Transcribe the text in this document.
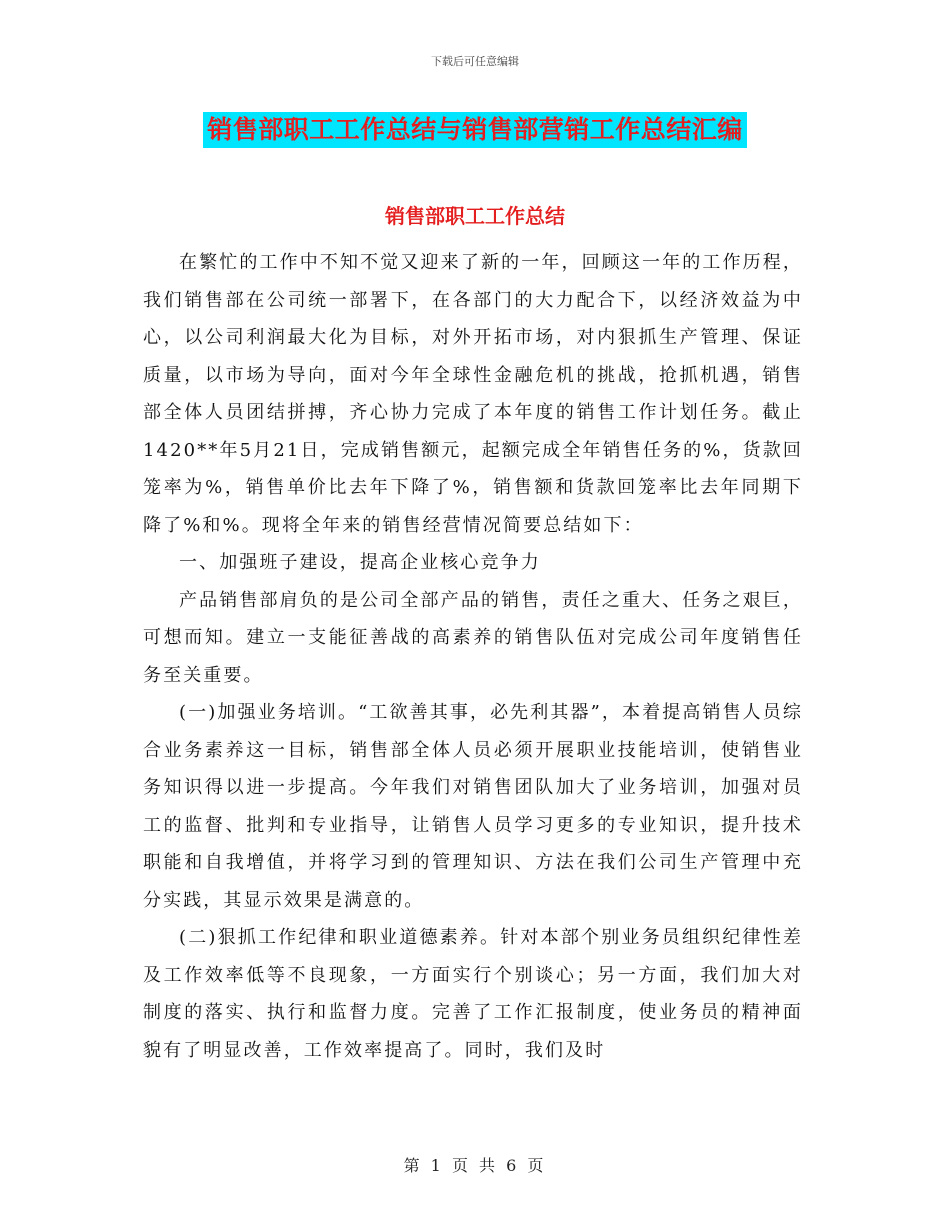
下载后可任意编辑
销售部职工工作总结与销售部营销工作总结汇编
销售部职工工作总结

在繁忙的工作中不知不觉又迎来了新的一年，回顾这一年的工作历程，我们销售部在公司统一部署下，在各部门的大力配合下，以经济效益为中心，以公司利润最大化为目标，对外开拓市场，对内狠抓生产管理、保证质量，以市场为导向，面对今年全球性金融危机的挑战，抢抓机遇，销售部全体人员团结拼搏，齐心协力完成了本年度的销售工作计划任务。截止1420**年5月21日，完成销售额元，起额完成全年销售任务的%，货款回笼率为%，销售单价比去年下降了%，销售额和货款回笼率比去年同期下降了%和%。现将全年来的销售经营情况简要总结如下：

一、加强班子建设，提高企业核心竞争力

产品销售部肩负的是公司全部产品的销售，责任之重大、任务之艰巨，可想而知。建立一支能征善战的高素养的销售队伍对完成公司年度销售任务至关重要。

(一)加强业务培训。“工欲善其事，必先利其器”，本着提高销售人员综合业务素养这一目标，销售部全体人员必须开展职业技能培训，使销售业务知识得以进一步提高。今年我们对销售团队加大了业务培训，加强对员工的监督、批判和专业指导，让销售人员学习更多的专业知识，提升技术职能和自我增值，并将学习到的管理知识、方法在我们公司生产管理中充分实践，其显示效果是满意的。

(二)狠抓工作纪律和职业道德素养。针对本部个别业务员组织纪律性差及工作效率低等不良现象，一方面实行个别谈心；另一方面，我们加大对制度的落实、执行和监督力度。完善了工作汇报制度，使业务员的精神面貌有了明显改善，工作效率提高了。同时，我们及时

第 1 页 共 6 页
